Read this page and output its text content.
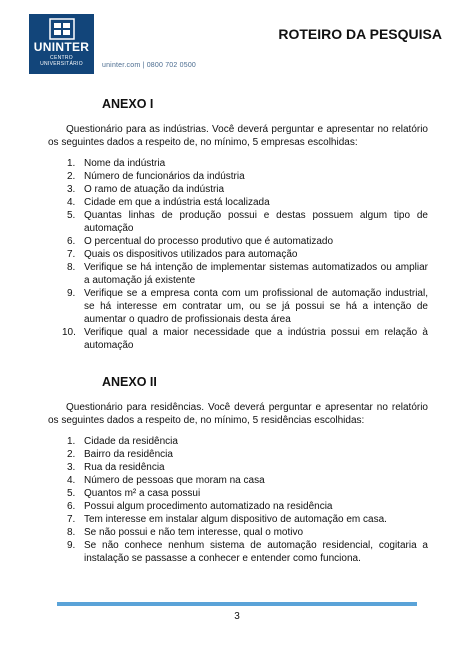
UNINTER
CENTRO
UNIVERSITÁRIO	uninter.com | 0800 702 0500
ROTEIRO DA PESQUISA
ANEXO I

Questionário para as indústrias. Você deverá perguntar e apresentar no relatório os seguintes dados a respeito de, no mínimo, 5 empresas escolhidas:

1. Nome da indústria
2. Número de funcionários da indústria
3. O ramo de atuação da indústria
4. Cidade em que a indústria está localizada
5. Quantas linhas de produção possui e destas possuem algum tipo de automação
6. O percentual do processo produtivo que é automatizado
7. Quais os dispositivos utilizados para automação
8. Verifique se há intenção de implementar sistemas automatizados ou ampliar a automação já existente
9. Verifique se a empresa conta com um profissional de automação industrial, se há interesse em contratar um, ou se já possui se há a intenção de aumentar o quadro de profissionais desta área
10. Verifique qual a maior necessidade que a indústria possui em relação à automação
ANEXO II

Questionário para residências. Você deverá perguntar e apresentar no relatório os seguintes dados a respeito de, no mínimo, 5 residências escolhidas:

1. Cidade da residência
2. Bairro da residência
3. Rua da residência
4. Número de pessoas que moram na casa
5. Quantos m² a casa possui
6. Possui algum procedimento automatizado na residência
7. Tem interesse em instalar algum dispositivo de automação em casa.
8. Se não possui e não tem interesse, qual o motivo
9. Se não conhece nenhum sistema de automação residencial, cogitaria a instalação se passasse a conhecer e entender como funciona.
3
